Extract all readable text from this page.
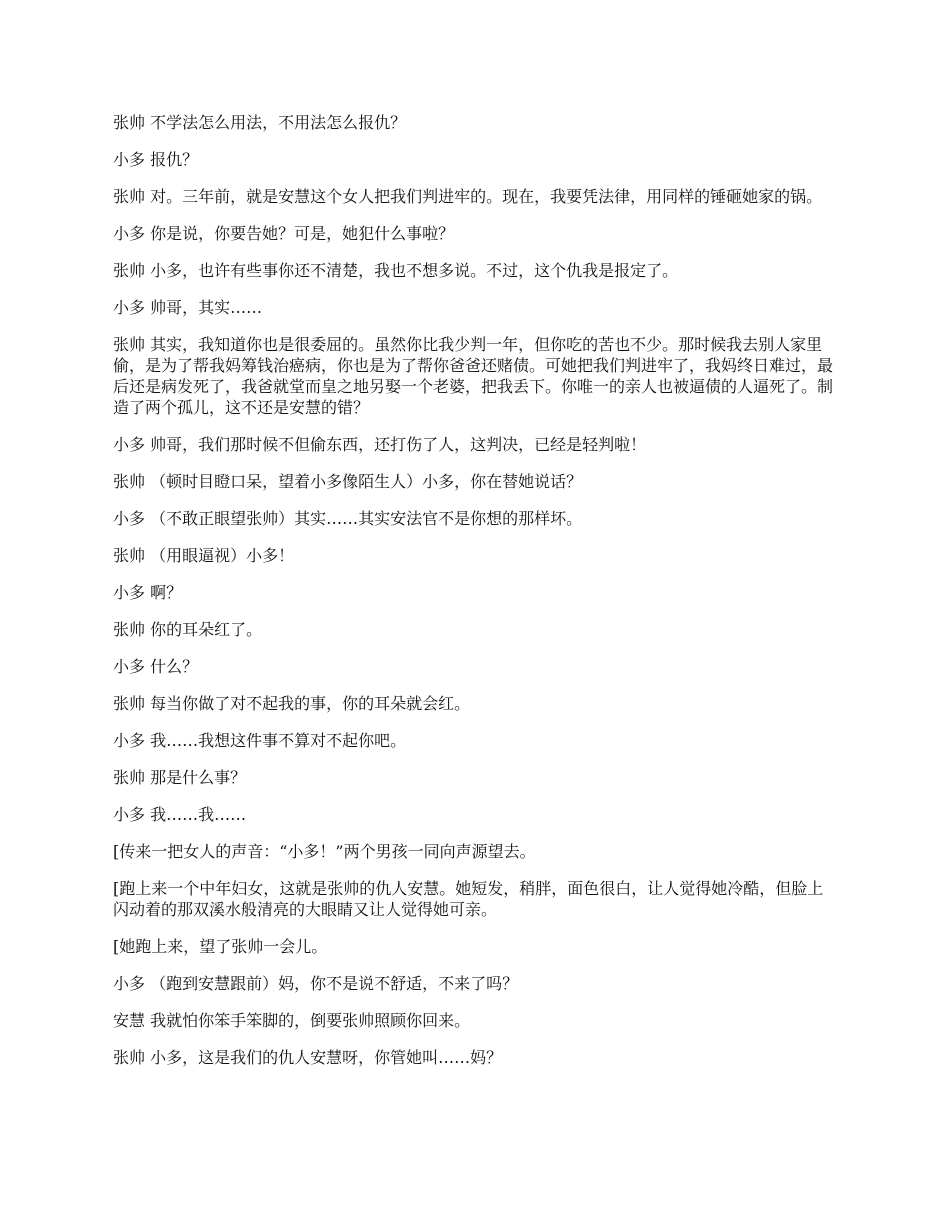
张帅 不学法怎么用法，不用法怎么报仇？

小多 报仇？

张帅 对。三年前，就是安慧这个女人把我们判进牢的。现在，我要凭法律，用同样的锤砸她家的锅。

小多 你是说，你要告她？可是，她犯什么事啦？

张帅 小多，也许有些事你还不清楚，我也不想多说。不过，这个仇我是报定了。

小多 帅哥，其实……

张帅 其实，我知道你也是很委屈的。虽然你比我少判一年，但你吃的苦也不少。那时候我去别人家里偷，是为了帮我妈筹钱治癌病，你也是为了帮你爸爸还赌债。可她把我们判进牢了，我妈终日难过，最后还是病发死了，我爸就堂而皇之地另娶一个老婆，把我丢下。你唯一的亲人也被逼债的人逼死了。制造了两个孤儿，这不还是安慧的错？

小多 帅哥，我们那时候不但偷东西，还打伤了人，这判决，已经是轻判啦！

张帅 （顿时目瞪口呆，望着小多像陌生人）小多，你在替她说话？

小多 （不敢正眼望张帅）其实……其实安法官不是你想的那样坏。

张帅 （用眼逼视）小多！

小多 啊？

张帅 你的耳朵红了。

小多 什么？

张帅 每当你做了对不起我的事，你的耳朵就会红。

小多 我……我想这件事不算对不起你吧。

张帅 那是什么事？

小多 我……我……

[传来一把女人的声音：“小多！”两个男孩一同向声源望去。

[跑上来一个中年妇女，这就是张帅的仇人安慧。她短发，稍胖，面色很白，让人觉得她冷酷，但脸上闪动着的那双溪水般清亮的大眼睛又让人觉得她可亲。

[她跑上来，望了张帅一会儿。

小多 （跑到安慧跟前）妈，你不是说不舒适，不来了吗？

安慧 我就怕你笨手笨脚的，倒要张帅照顾你回来。

张帅 小多，这是我们的仇人安慧呀，你管她叫……妈？
